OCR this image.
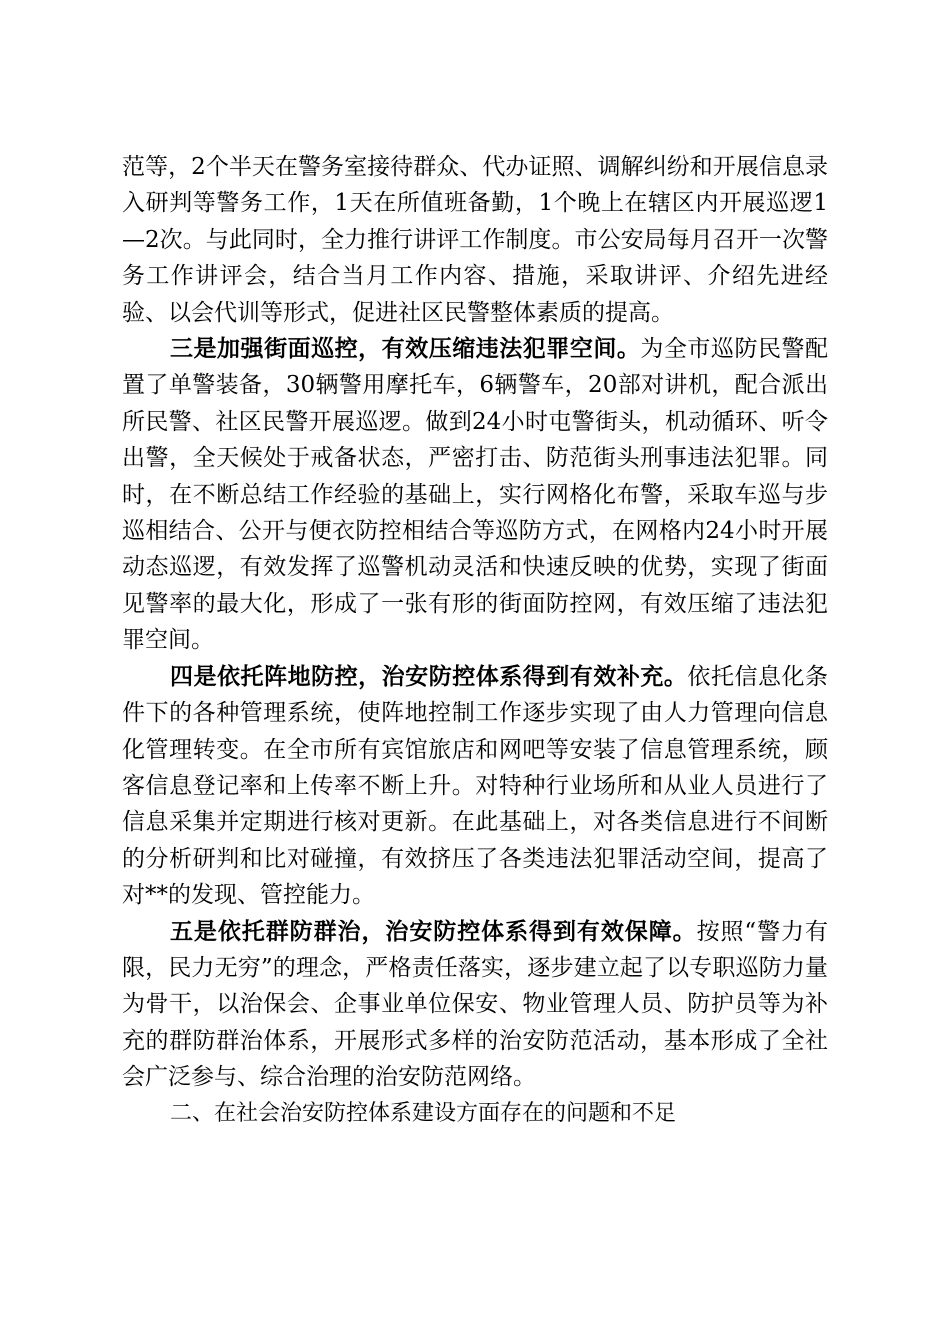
范等，2个半天在警务室接待群众、代办证照、调解纠纷和开展信息录入研判等警务工作，1天在所值班备勤，1个晚上在辖区内开展巡逻1—2次。与此同时，全力推行讲评工作制度。市公安局每月召开一次警务工作讲评会，结合当月工作内容、措施，采取讲评、介绍先进经验、以会代训等形式，促进社区民警整体素质的提高。

三是加强街面巡控，有效压缩违法犯罪空间。为全市巡防民警配置了单警装备，30辆警用摩托车，6辆警车，20部对讲机，配合派出所民警、社区民警开展巡逻。做到24小时屯警街头，机动循环、听令出警，全天候处于戒备状态，严密打击、防范街头刑事违法犯罪。同时，在不断总结工作经验的基础上，实行网格化布警，采取车巡与步巡相结合、公开与便衣防控相结合等巡防方式，在网格内24小时开展动态巡逻，有效发挥了巡警机动灵活和快速反映的优势，实现了街面见警率的最大化，形成了一张有形的街面防控网，有效压缩了违法犯罪空间。

四是依托阵地防控，治安防控体系得到有效补充。依托信息化条件下的各种管理系统，使阵地控制工作逐步实现了由人力管理向信息化管理转变。在全市所有宾馆旅店和网吧等安装了信息管理系统，顾客信息登记率和上传率不断上升。对特种行业场所和从业人员进行了信息采集并定期进行核对更新。在此基础上，对各类信息进行不间断的分析研判和比对碰撞，有效挤压了各类违法犯罪活动空间，提高了对**的发现、管控能力。

五是依托群防群治，治安防控体系得到有效保障。按照“警力有限，民力无穷”的理念，严格责任落实，逐步建立起了以专职巡防力量为骨干，以治保会、企事业单位保安、物业管理人员、防护员等为补充的群防群治体系，开展形式多样的治安防范活动，基本形成了全社会广泛参与、综合治理的治安防范网络。

二、在社会治安防控体系建设方面存在的问题和不足
